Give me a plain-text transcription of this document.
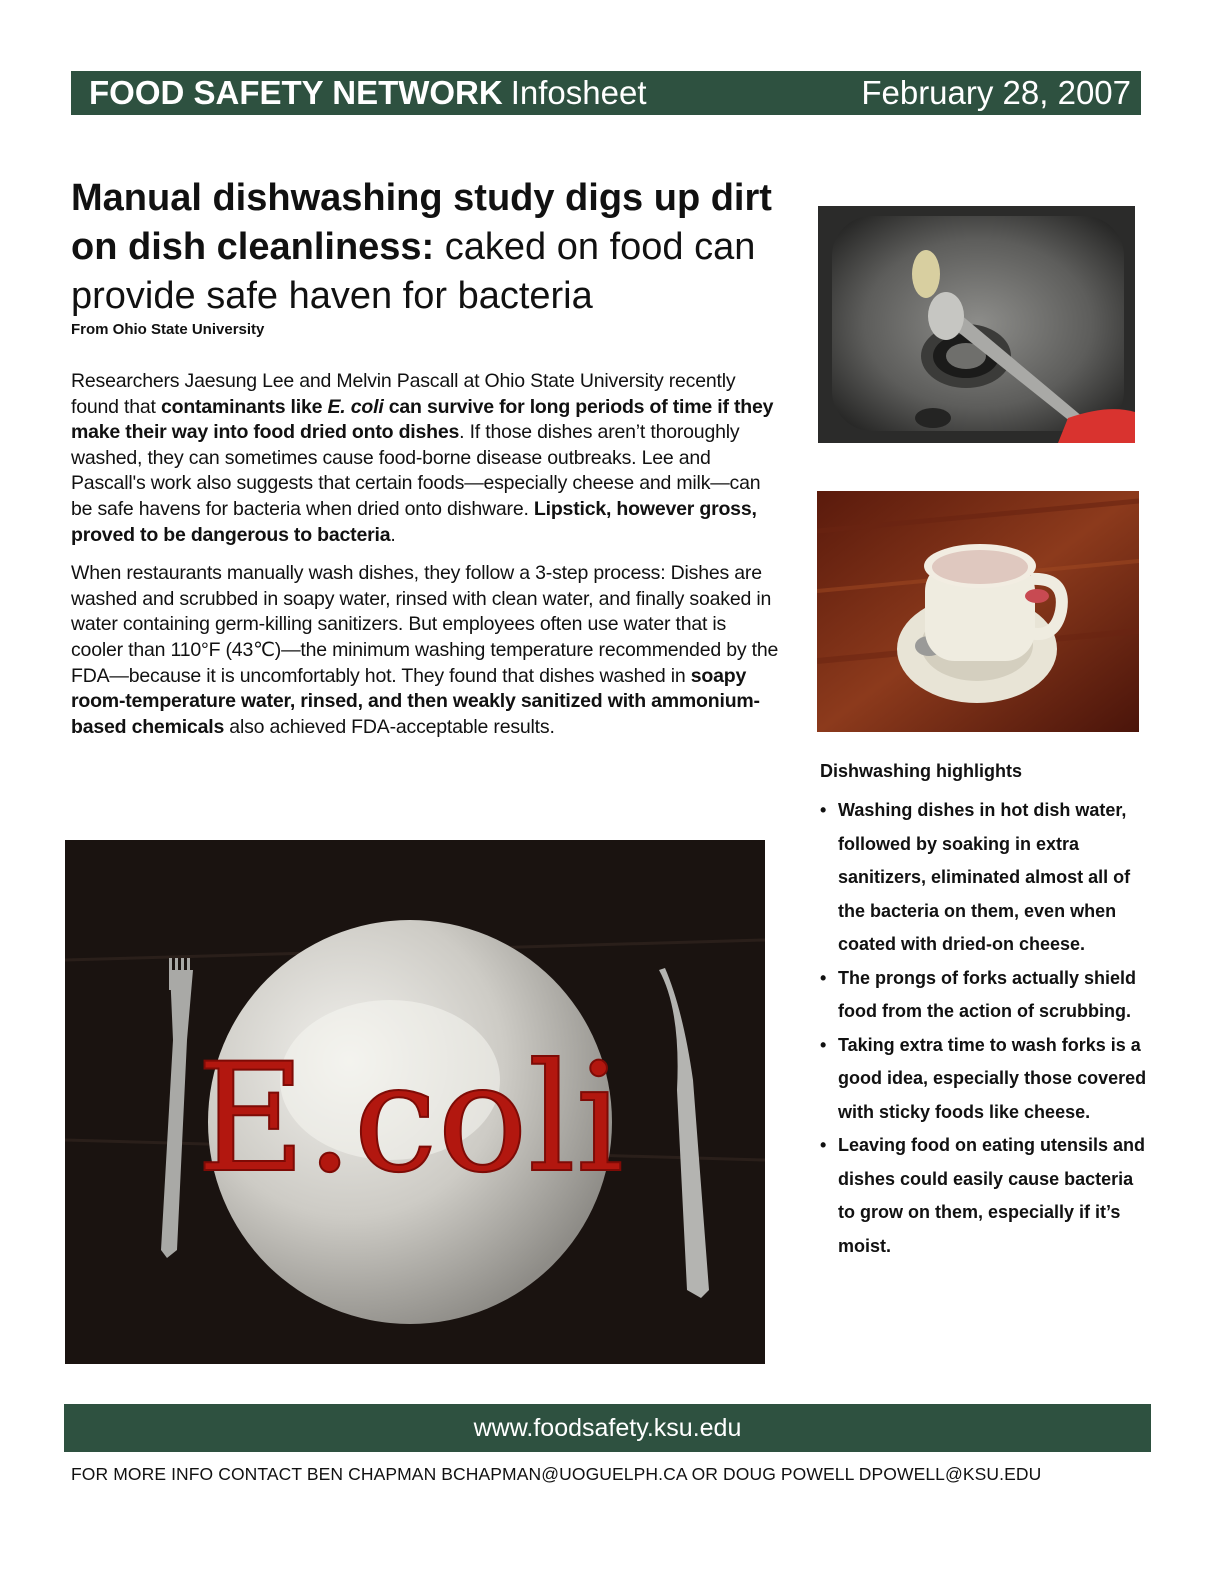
FOOD SAFETY NETWORK Infosheet	February 28, 2007
Manual dishwashing study digs up dirt on dish cleanliness: caked on food can provide safe haven for bacteria
From Ohio State University

Researchers Jaesung Lee and Melvin Pascall at Ohio State University recently found that contaminants like E. coli can survive for long periods of time if they make their way into food dried onto dishes. If those dishes aren’t thoroughly washed, they can sometimes cause food-borne disease outbreaks. Lee and Pascall's work also suggests that certain foods—especially cheese and milk—can be safe havens for bacteria when dried onto dishware. Lipstick, however gross, proved to be dangerous to bacteria.

When restaurants manually wash dishes, they follow a 3-step process: Dishes are washed and scrubbed in soapy water, rinsed with clean water, and finally soaked in water containing germ-killing sanitizers. But employees often use water that is cooler than 110°F (43℃)—the minimum washing temperature recommended by the FDA—because it is uncomfortably hot. They found that dishes washed in soapy room-temperature water, rinsed, and then weakly sanitized with ammonium-based chemicals also achieved FDA-acceptable results.

E.coli
Dishwashing highlights
• Washing dishes in hot dish water, followed by soaking in extra sanitizers, eliminated almost all of the bacteria on them, even when coated with dried-on cheese.
• The prongs of forks actually shield food from the action of scrubbing.
• Taking extra time to wash forks is a good idea, especially those covered with sticky foods like cheese.
• Leaving food on eating utensils and dishes could easily cause bacteria to grow on them, especially if it’s moist.
www.foodsafety.ksu.edu
FOR MORE INFO CONTACT BEN CHAPMAN BCHAPMAN@UOGUELPH.CA OR DOUG POWELL DPOWELL@KSU.EDU
